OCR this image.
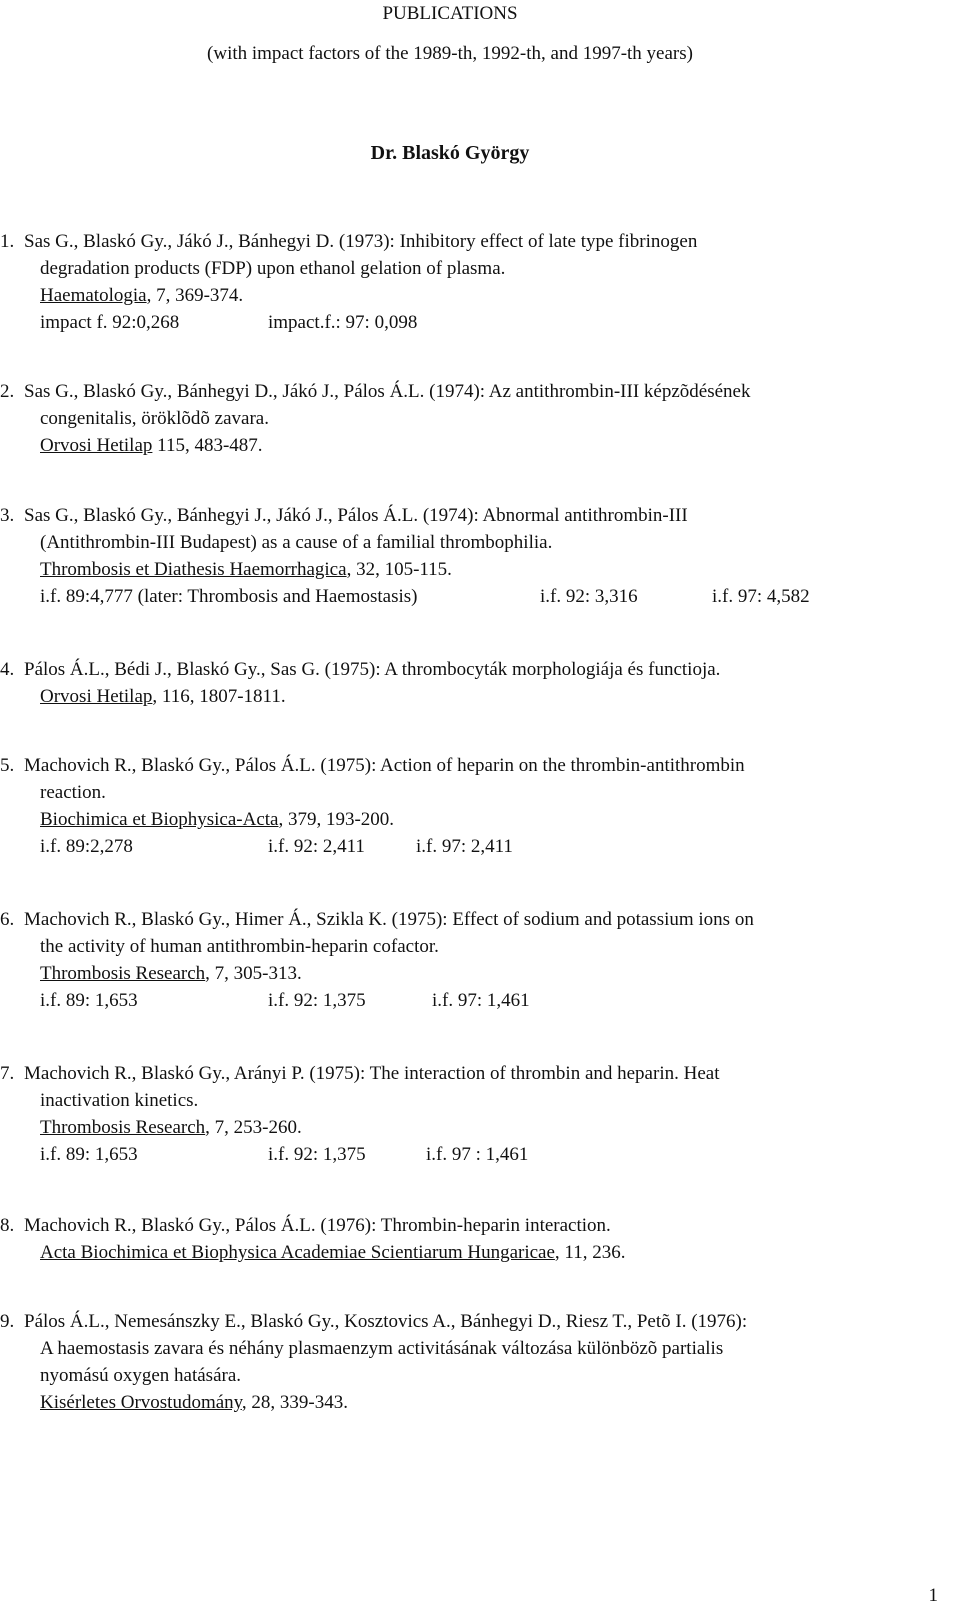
PUBLICATIONS
(with impact factors of the 1989-th, 1992-th, and 1997-th years)
Dr. Blaskó György
1. Sas G., Blaskó Gy., Jákó J., Bánhegyi D. (1973): Inhibitory effect of late type fibrinogen
degradation products (FDP) upon ethanol gelation of plasma.
Haematologia, 7, 369-374.
impact f. 92:0,268	impact.f.: 97: 0,098
2. Sas G., Blaskó Gy., Bánhegyi D., Jákó J., Pálos Á.L. (1974): Az antithrombin-III képzõdésének
congenitalis, öröklõdõ zavara.
Orvosi Hetilap 115, 483-487.
3. Sas G., Blaskó Gy., Bánhegyi J., Jákó J., Pálos Á.L. (1974): Abnormal antithrombin-III
(Antithrombin-III Budapest) as a cause of a familial thrombophilia.
Thrombosis et Diathesis Haemorrhagica, 32, 105-115.
i.f. 89:4,777 (later: Thrombosis and Haemostasis)	i.f. 92: 3,316	i.f. 97: 4,582
4. Pálos Á.L., Bédi J., Blaskó Gy., Sas G. (1975): A thrombocyták morphologiája és functioja.
Orvosi Hetilap, 116, 1807-1811.
5. Machovich R., Blaskó Gy., Pálos Á.L. (1975): Action of heparin on the thrombin-antithrombin
reaction.
Biochimica et Biophysica-Acta, 379, 193-200.
i.f. 89:2,278	i.f. 92: 2,411	i.f. 97: 2,411
6. Machovich R., Blaskó Gy., Himer Á., Szikla K. (1975): Effect of sodium and potassium ions on
the activity of human antithrombin-heparin cofactor.
Thrombosis Research, 7, 305-313.
i.f. 89: 1,653	i.f. 92: 1,375	i.f. 97: 1,461
7. Machovich R., Blaskó Gy., Arányi P. (1975): The interaction of thrombin and heparin. Heat
inactivation kinetics.
Thrombosis Research, 7, 253-260.
i.f. 89: 1,653	i.f. 92: 1,375	i.f. 97 : 1,461
8. Machovich R., Blaskó Gy., Pálos Á.L. (1976): Thrombin-heparin interaction.
Acta Biochimica et Biophysica Academiae Scientiarum Hungaricae, 11, 236.
9. Pálos Á.L., Nemesánszky E., Blaskó Gy., Kosztovics A., Bánhegyi D., Riesz T., Petõ I. (1976):
A haemostasis zavara és néhány plasmaenzym activitásának változása különbözõ partialis
nyomású oxygen hatására.
Kisérletes Orvostudomány, 28, 339-343.
1
